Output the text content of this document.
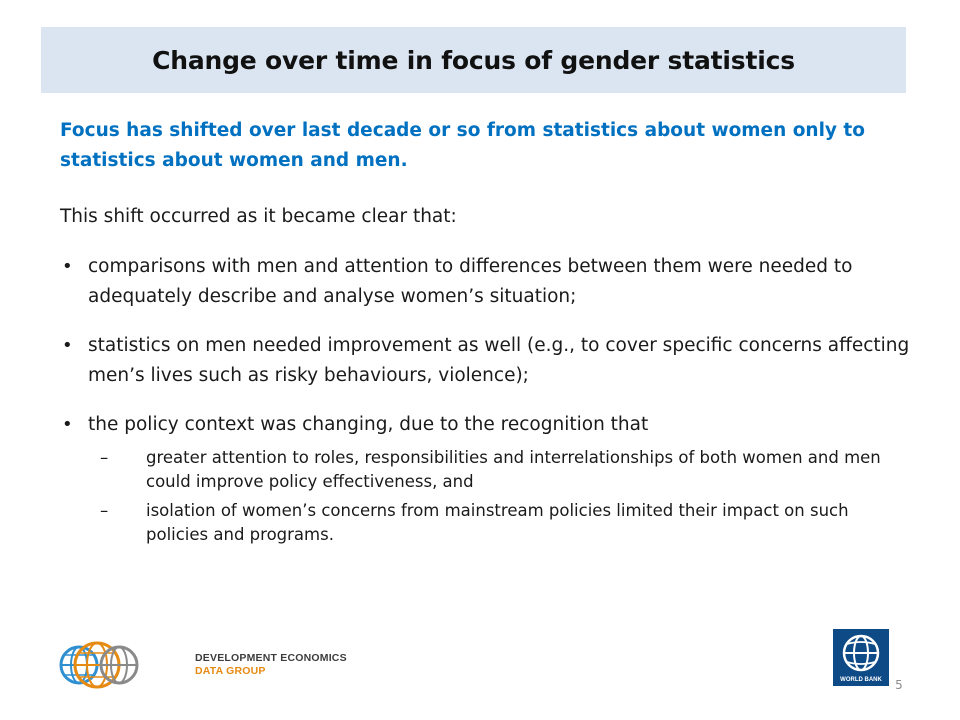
Change over time in focus of gender statistics

Focus has shifted over last decade or so from statistics about women only to statistics about women and men.

This shift occurred as it became clear that:

• comparisons with men and attention to differences between them were needed to adequately describe and analyse women’s situation;
• statistics on men needed improvement as well (e.g., to cover specific concerns affecting men’s lives such as risky behaviours, violence);
• the policy context was changing, due to the recognition that
– greater attention to roles, responsibilities and interrelationships of both women and men could improve policy effectiveness, and
– isolation of women’s concerns from mainstream policies limited their impact on such policies and programs.
DEVELOPMENT ECONOMICS
DATA GROUP
WORLD BANK	5
